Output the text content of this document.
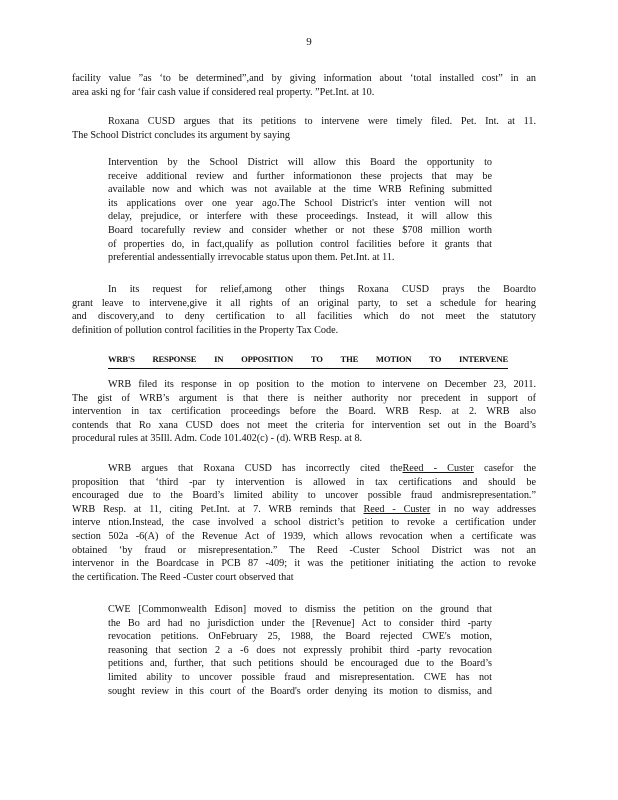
9
facility value ”as ‘to be determined”,and by giving information about ‘total installed cost” in an
area aski ng for ‘fair cash value if considered real property. ”Pet.Int. at 10.
Roxana CUSD argues that its petitions to intervene were timely filed. Pet. Int. at 11.
The School District concludes its argument by saying
Intervention by the School District will allow this Board the opportunity to
receive additional review and further informationon these projects that may be
available now and which was not available at the time WRB Refining submitted
its applications over one year ago.The School District's inter vention will not
delay, prejudice, or interfere with these proceedings. Instead, it will allow this
Board tocarefully review and consider whether or not these $708 million worth
of properties do, in fact,qualify as pollution control facilities before it grants that
preferential andessentially irrevocable status upon them. Pet.Int. at 11.
In its request for relief,among other things Roxana CUSD prays the Boardto
grant leave to intervene,give it all rights of an original party, to set a schedule for hearing
and discovery,and to deny certification to all facilities which do not meet the statutory
definition of pollution control facilities in the Property Tax Code.
WRB'S RESPONSE IN OPPOSITION TO THE MOTION TO INTERVENE
WRB filed its response in op position to the motion to intervene on December 23, 2011.
The gist of WRB’s argument is that there is neither authority nor precedent in support of
intervention in tax certification proceedings before the Board. WRB Resp. at 2. WRB also
contends that Ro xana CUSD does not meet the criteria for intervention set out in the Board’s
procedural rules at 35Ill. Adm. Code 101.402(c) - (d). WRB Resp. at 8.
WRB argues that Roxana CUSD has incorrectly cited theReed - Custer casefor the
proposition that ‘third -par ty intervention is allowed in tax certifications and should be
encouraged due to the Board’s limited ability to uncover possible fraud andmisrepresentation.”
WRB Resp. at 11, citing Pet.Int. at 7. WRB reminds that Reed - Custer in no way addresses
interve ntion.Instead, the case involved a school district’s petition to revoke a certification under
section 502a -6(A) of the Revenue Act of 1939, which allows revocation when a certificate was
obtained ‘by fraud or misrepresentation.” The Reed -Custer School District was not an
intervenor in the Boardcase in PCB 87 -409; it was the petitioner initiating the action to revoke
the certification. The Reed -Custer court observed that
CWE [Commonwealth Edison] moved to dismiss the petition on the ground that
the Bo ard had no jurisdiction under the [Revenue] Act to consider third -party
revocation petitions. OnFebruary 25, 1988, the Board rejected CWE's motion,
reasoning that section 2 a -6 does not expressly prohibit third -party revocation
petitions and, further, that such petitions should be encouraged due to the Board’s
limited ability to uncover possible fraud and misrepresentation. CWE has not
sought review in this court of the Board's order denying its motion to dismiss, and
